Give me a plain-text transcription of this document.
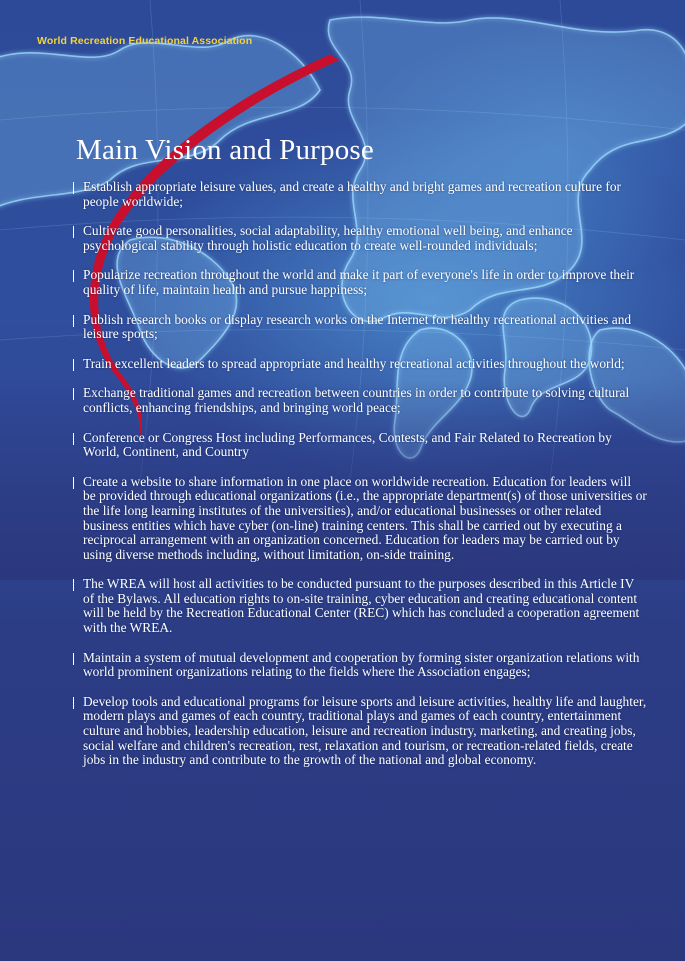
World Recreation Educational Association
Main Vision and Purpose
Establish appropriate leisure values, and create a healthy and bright games and recreation culture for people worldwide;
Cultivate good personalities, social adaptability, healthy emotional well being, and enhance psychological stability through holistic education to create well-rounded individuals;
Popularize recreation throughout the world and make it part of everyone's life in order to improve their quality of life, maintain health and pursue happiness;
Publish research books or display research works on the Internet for healthy recreational activities and leisure sports;
Train excellent leaders to spread appropriate and healthy recreational activities throughout the world;
Exchange traditional games and recreation between countries in order to contribute to solving cultural conflicts, enhancing friendships, and bringing world peace;
Conference or Congress Host including Performances, Contests, and Fair Related to Recreation by World, Continent, and Country
Create a website to share information in one place on worldwide recreation. Education for leaders will be provided through educational organizations (i.e., the appropriate department(s) of those universities or the life long learning institutes of the universities), and/or educational businesses or other related business entities which have cyber (on-line) training centers. This shall be carried out by executing a reciprocal arrangement with an organization concerned. Education for leaders may be carried out by using diverse methods including, without limitation, on-side training.
The WREA will host all activities to be conducted pursuant to the purposes described in this Article IV of the Bylaws. All education rights to on-site training, cyber education and creating educational content will be held by the Recreation Educational Center (REC) which has concluded a cooperation agreement with the WREA.
Maintain a system of mutual development and cooperation by forming sister organization relations with world prominent organizations relating to the fields where the Association engages;
Develop tools and educational programs for leisure sports and leisure activities, healthy life and laughter, modern plays and games of each country, traditional plays and games of each country, entertainment culture and hobbies, leadership education, leisure and recreation industry, marketing, and creating jobs, social welfare and children's recreation, rest, relaxation and tourism, or recreation-related fields, create jobs in the industry and contribute to the growth of the national and global economy.
